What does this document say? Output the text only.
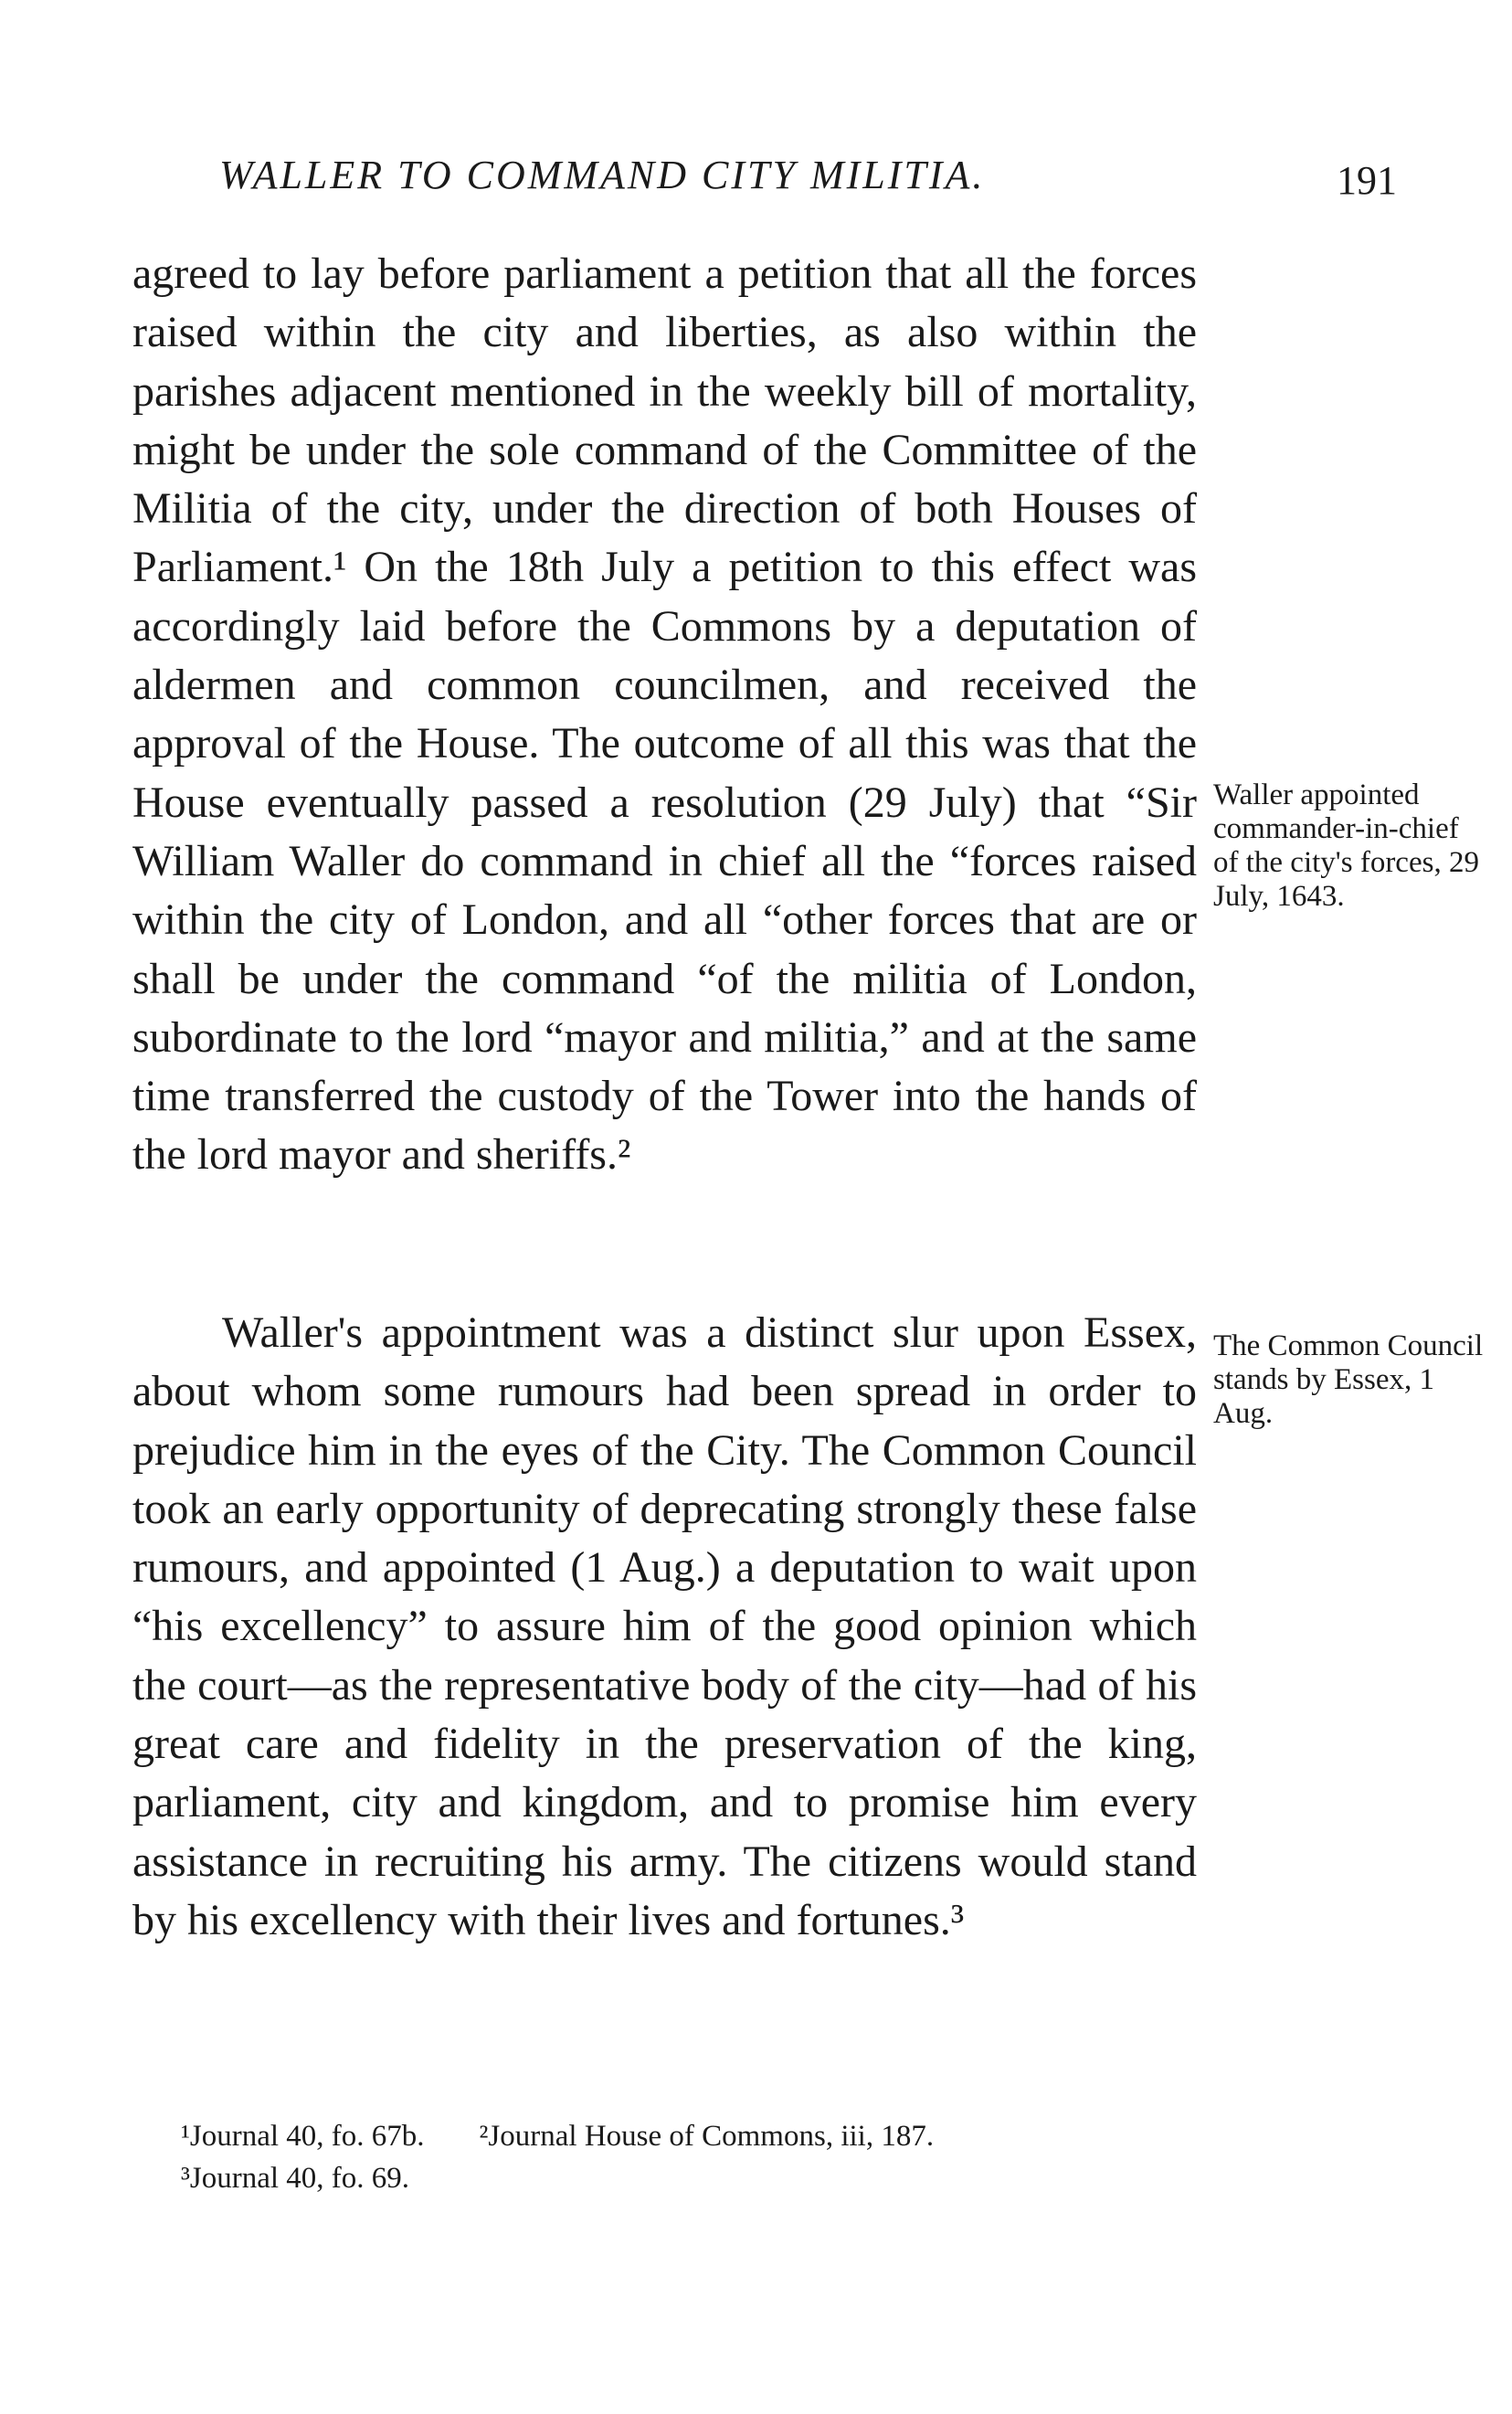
WALLER TO COMMAND CITY MILITIA.	191

agreed to lay before parliament a petition that all the forces raised within the city and liberties, as also within the parishes adjacent mentioned in the weekly bill of mortality, might be under the sole command of the Committee of the Militia of the city, under the direction of both Houses of Parliament.¹ On the 18th July a petition to this effect was accordingly laid before the Commons by a deputation of aldermen and common councilmen, and received the approval of the House. The outcome of all this was that the House eventually passed a resolution (29 July) that “Sir William Waller do command in chief all the “forces raised within the city of London, and all “other forces that are or shall be under the command “of the militia of London, subordinate to the lord “mayor and militia,” and at the same time transferred the custody of the Tower into the hands of the lord mayor and sheriffs.²

Waller appointed commander-in-chief of the city's forces, 29 July, 1643.

Waller's appointment was a distinct slur upon Essex, about whom some rumours had been spread in order to prejudice him in the eyes of the City. The Common Council took an early opportunity of deprecating strongly these false rumours, and appointed (1 Aug.) a deputation to wait upon “his excellency” to assure him of the good opinion which the court—as the representative body of the city—had of his great care and fidelity in the preservation of the king, parliament, city and kingdom, and to promise him every assistance in recruiting his army. The citizens would stand by his excellency with their lives and fortunes.³

The Common Council stands by Essex, 1 Aug.

¹Journal 40, fo. 67b. ²Journal House of Commons, iii, 187.
³Journal 40, fo. 69.
